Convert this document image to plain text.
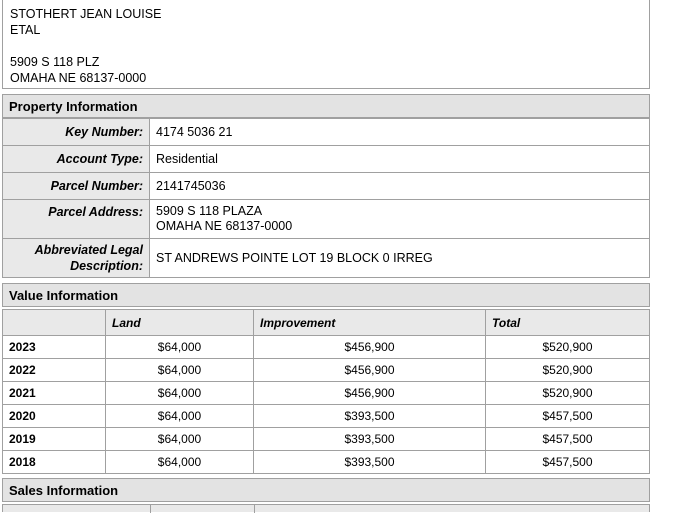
STOTHERT JEAN LOUISE
ETAL
5909 S 118 PLZ
OMAHA NE 68137-0000
Property Information
Key Number:	4174 5036 21
Account Type:	Residential
Parcel Number:	2141745036
Parcel Address:	5909 S 118 PLAZA
OMAHA NE 68137-0000

Abbreviated Legal
Description:	ST ANDREWS POINTE LOT 19 BLOCK 0 IRREG
Value Information
	Land	Improvement	Total
2023	$64,000	$456,900	$520,900
2022	$64,000	$456,900	$520,900
2021	$64,000	$456,900	$520,900
2020	$64,000	$393,500	$457,500
2019	$64,000	$393,500	$457,500
2018	$64,000	$393,500	$457,500
Sales Information
